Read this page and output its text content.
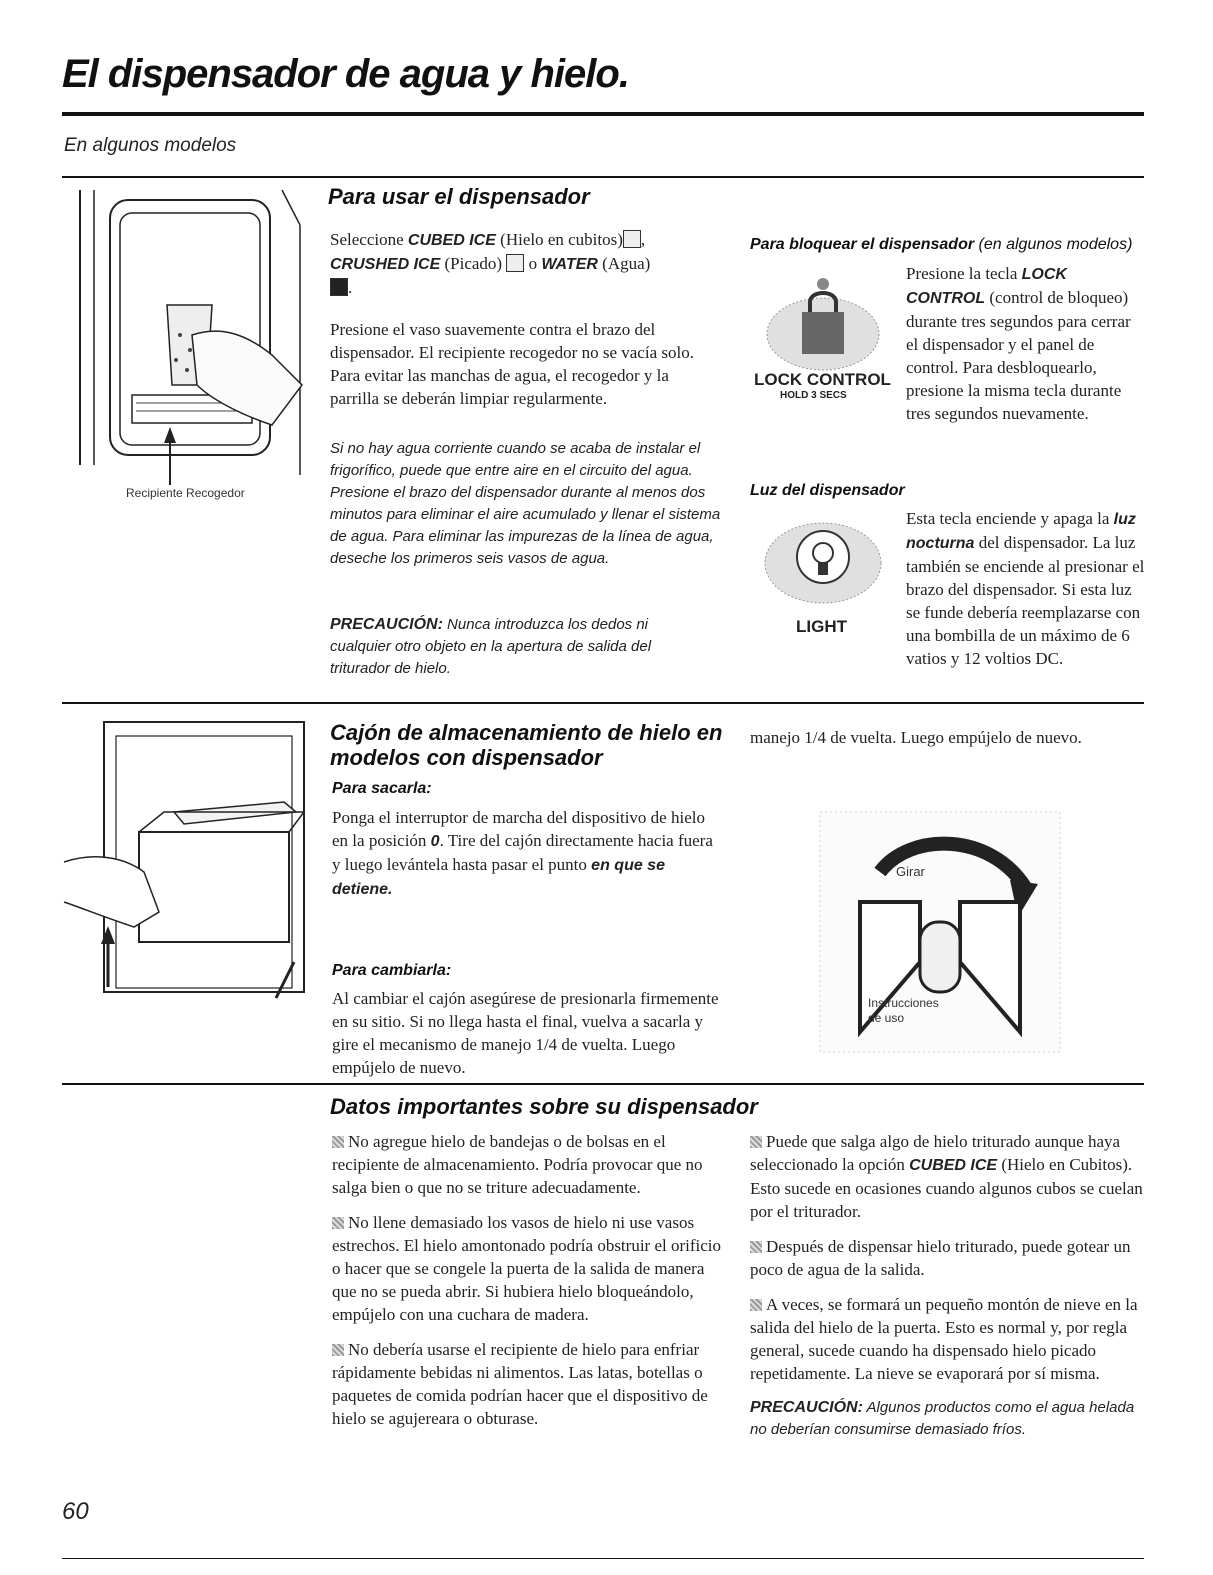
El dispensador de agua y hielo.
En algunos modelos
Recipiente Recogedor
Para usar el dispensador
Seleccione CUBED ICE (Hielo en cubitos) ,
CRUSHED ICE (Picado)  o WATER (Agua)
.
Presione el vaso suavemente contra el brazo del dispensador. El recipiente recogedor no se vacía solo. Para evitar las manchas de agua, el recogedor y la parrilla se deberán limpiar regularmente.
Si no hay agua corriente cuando se acaba de instalar el frigorífico, puede que entre aire en el circuito del agua. Presione el brazo del dispensador durante al menos dos minutos para eliminar el aire acumulado y llenar el sistema de agua. Para eliminar las impurezas de la línea de agua, deseche los primeros seis vasos de agua.
PRECAUCIÓN: Nunca introduzca los dedos ni cualquier otro objeto en la apertura de salida del triturador de hielo.
Para bloquear el dispensador (en algunos modelos)
LOCK CONTROL
HOLD 3 SECS
Presione la tecla LOCK CONTROL (control de bloqueo) durante tres segundos para cerrar el dispensador y el panel de control. Para desbloquearlo, presione la misma tecla durante tres segundos nuevamente.
Luz del dispensador
LIGHT
Esta tecla enciende y apaga la luz nocturna del dispensador. La luz también se enciende al presionar el brazo del dispensador. Si esta luz se funde debería reemplazarse con una bombilla de un máximo de 6 vatios y 12 voltios DC.
Cajón de almacenamiento de hielo en modelos con dispensador
Para sacarla:
Ponga el interruptor de marcha del dispositivo de hielo en la posición 0. Tire del cajón directamente hacia fuera y luego levántela hasta pasar el punto en que se detiene.
Para cambiarla:
Al cambiar el cajón asegúrese de presionarla firmemente en su sitio. Si no llega hasta el final, vuelva a sacarla y gire el mecanismo de manejo 1/4 de vuelta. Luego empújelo de nuevo.
manejo 1/4 de vuelta. Luego empújelo de nuevo.
Girar
Instrucciones de uso
Datos importantes sobre su dispensador
No agregue hielo de bandejas o de bolsas en el recipiente de almacenamiento. Podría provocar que no salga bien o que no se triture adecuadamente.
No llene demasiado los vasos de hielo ni use vasos estrechos. El hielo amontonado podría obstruir el orificio o hacer que se congele la puerta de la salida de manera que no se pueda abrir. Si hubiera hielo bloqueándolo, empújelo con una cuchara de madera.
No debería usarse el recipiente de hielo para enfriar rápidamente bebidas ni alimentos. Las latas, botellas o paquetes de comida podrían hacer que el dispositivo de hielo se agujereara o obturase.
Puede que salga algo de hielo triturado aunque haya seleccionado la opción CUBED ICE (Hielo en Cubitos). Esto sucede en ocasiones cuando algunos cubos se cuelan por el triturador.
Después de dispensar hielo triturado, puede gotear un poco de agua de la salida.
A veces, se formará un pequeño montón de nieve en la salida del hielo de la puerta. Esto es normal y, por regla general, sucede cuando ha dispensado hielo picado repetidamente. La nieve se evaporará por sí misma.
PRECAUCIÓN: Algunos productos como el agua helada no deberían consumirse demasiado fríos.
60
